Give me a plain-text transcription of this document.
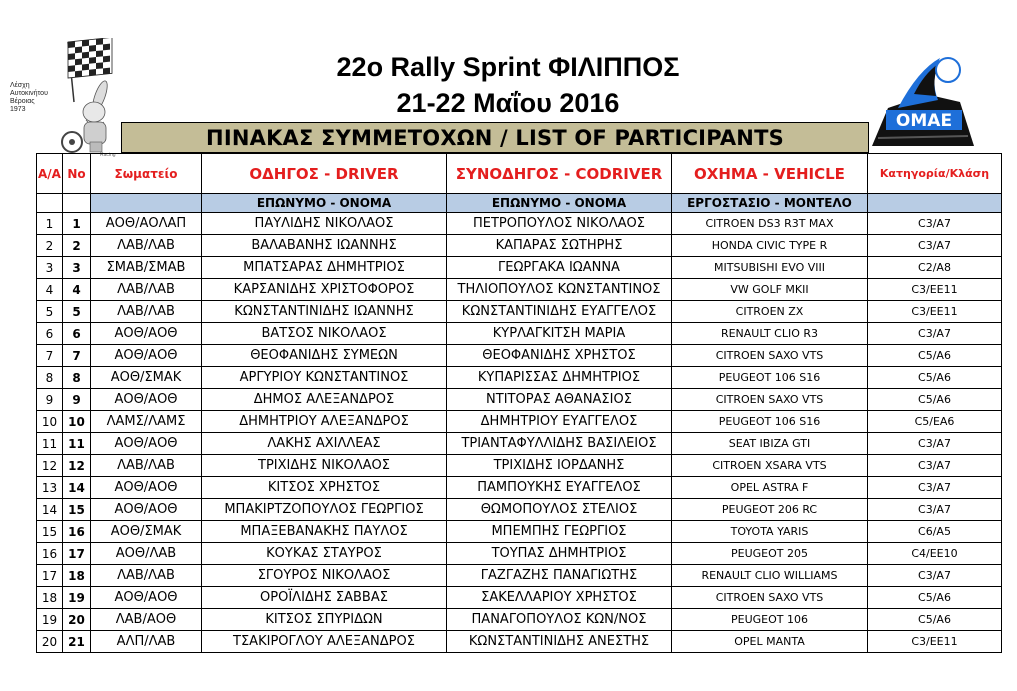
Racing
Λέσχη
Αυτοκινήτου
Βέροιας
1973
ΟΜΑΕ
22ο Rally Sprint ΦΙΛΙΠΠΟΣ
21-22 Μαΐου 2016
ΠΙΝΑΚΑΣ ΣΥΜΜΕΤΟΧΩΝ / LIST OF PARTICIPANTS
Α/Α	No	Σωματείο	ΟΔΗΓΟΣ - DRIVER	ΣΥΝΟΔΗΓΟΣ - CODRIVER	ΟΧΗΜΑ - VEHICLE	Κατηγορία/Κλάση
			ΕΠΩΝΥΜΟ - ΟΝΟΜΑ	ΕΠΩΝΥΜΟ - ΟΝΟΜΑ	ΕΡΓΟΣΤΑΣΙΟ - ΜΟΝΤΕΛΟ	
1	1	ΑΟΘ/ΑΟΛΑΠ	ΠΑΥΛΙΔΗΣ ΝΙΚΟΛΑΟΣ	ΠΕΤΡΟΠΟΥΛΟΣ ΝΙΚΟΛΑΟΣ	CITROEN DS3 R3T MAX	C3/A7
2	2	ΛΑΒ/ΛΑΒ	ΒΑΛΑΒΑΝΗΣ ΙΩΑΝΝΗΣ	ΚΑΠΑΡΑΣ ΣΩΤΗΡΗΣ	HONDA CIVIC TYPE R	C3/A7
3	3	ΣΜΑΒ/ΣΜΑΒ	ΜΠΑΤΣΑΡΑΣ ΔΗΜΗΤΡΙΟΣ	ΓΕΩΡΓΑΚΑ ΙΩΑΝΝΑ	MITSUBISHI EVO VIII	C2/A8
4	4	ΛΑΒ/ΛΑΒ	ΚΑΡΣΑΝΙΔΗΣ ΧΡΙΣΤΟΦΟΡΟΣ	ΤΗΛΙΟΠΟΥΛΟΣ ΚΩΝΣΤΑΝΤΙΝΟΣ	VW GOLF MKII	C3/EE11
5	5	ΛΑΒ/ΛΑΒ	ΚΩΝΣΤΑΝΤΙΝΙΔΗΣ ΙΩΑΝΝΗΣ	ΚΩΝΣΤΑΝΤΙΝΙΔΗΣ ΕΥΑΓΓΕΛΟΣ	CITROEN ZX	C3/EE11
6	6	ΑΟΘ/ΑΟΘ	ΒΑΤΣΟΣ ΝΙΚΟΛΑΟΣ	ΚΥΡΛΑΓΚΙΤΣΗ ΜΑΡΙΑ	RENAULT CLIO R3	C3/A7
7	7	ΑΟΘ/ΑΟΘ	ΘΕΟΦΑΝΙΔΗΣ ΣΥΜΕΩΝ	ΘΕΟΦΑΝΙΔΗΣ ΧΡΗΣΤΟΣ	CITROEN SAXO VTS	C5/A6
8	8	ΑΟΘ/ΣΜΑΚ	ΑΡΓΥΡΙΟΥ ΚΩΝΣΤΑΝΤΙΝΟΣ	ΚΥΠΑΡΙΣΣΑΣ ΔΗΜΗΤΡΙΟΣ	PEUGEOT 106 S16	C5/A6
9	9	ΑΟΘ/ΑΟΘ	ΔΗΜΟΣ ΑΛΕΞΑΝΔΡΟΣ	ΝΤΙΤΟΡΑΣ ΑΘΑΝΑΣΙΟΣ	CITROEN SAXO VTS	C5/A6
10	10	ΛΑΜΣ/ΛΑΜΣ	ΔΗΜΗΤΡΙΟΥ ΑΛΕΞΑΝΔΡΟΣ	ΔΗΜΗΤΡΙΟΥ ΕΥΑΓΓΕΛΟΣ	PEUGEOT 106 S16	C5/EA6
11	11	ΑΟΘ/ΑΟΘ	ΛΑΚΗΣ ΑΧΙΛΛΕΑΣ	ΤΡΙΑΝΤΑΦΥΛΛΙΔΗΣ ΒΑΣΙΛΕΙΟΣ	SEAT IBIZA GTI	C3/A7
12	12	ΛΑΒ/ΛΑΒ	ΤΡΙΧΙΔΗΣ ΝΙΚΟΛΑΟΣ	ΤΡΙΧΙΔΗΣ ΙΟΡΔΑΝΗΣ	CITROEN XSARA VTS	C3/A7
13	14	ΑΟΘ/ΑΟΘ	ΚΙΤΣΟΣ ΧΡΗΣΤΟΣ	ΠΑΜΠΟΥΚΗΣ ΕΥΑΓΓΕΛΟΣ	OPEL ASTRA F	C3/A7
14	15	ΑΟΘ/ΑΟΘ	ΜΠΑΚΙΡΤΖΟΠΟΥΛΟΣ ΓΕΩΡΓΙΟΣ	ΘΩΜΟΠΟΥΛΟΣ ΣΤΕΛΙΟΣ	PEUGEOT 206 RC	C3/A7
15	16	ΑΟΘ/ΣΜΑΚ	ΜΠΑΞΕΒΑΝΑΚΗΣ ΠΑΥΛΟΣ	ΜΠΕΜΠΗΣ ΓΕΩΡΓΙΟΣ	TOYOTA YARIS	C6/A5
16	17	ΑΟΘ/ΛΑΒ	ΚΟΥΚΑΣ ΣΤΑΥΡΟΣ	ΤΟΥΠΑΣ ΔΗΜΗΤΡΙΟΣ	PEUGEOT 205	C4/EE10
17	18	ΛΑΒ/ΛΑΒ	ΣΓΟΥΡΟΣ ΝΙΚΟΛΑΟΣ	ΓΑΖΓΑΖΗΣ ΠΑΝΑΓΙΩΤΗΣ	RENAULT CLIO WILLIAMS	C3/A7
18	19	ΑΟΘ/ΑΟΘ	ΟΡΟΪΛΙΔΗΣ ΣΑΒΒΑΣ	ΣΑΚΕΛΛΑΡΙΟΥ ΧΡΗΣΤΟΣ	CITROEN SAXO VTS	C5/A6
19	20	ΛΑΒ/ΑΟΘ	ΚΙΤΣΟΣ ΣΠΥΡΙΔΩΝ	ΠΑΝΑΓΟΠΟΥΛΟΣ ΚΩΝ/ΝΟΣ	PEUGEOT 106	C5/A6
20	21	ΑΛΠ/ΛΑΒ	ΤΣΑΚΙΡΟΓΛΟΥ ΑΛΕΞΑΝΔΡΟΣ	ΚΩΝΣΤΑΝΤΙΝΙΔΗΣ ΑΝΕΣΤΗΣ	OPEL MANTA	C3/EE11
